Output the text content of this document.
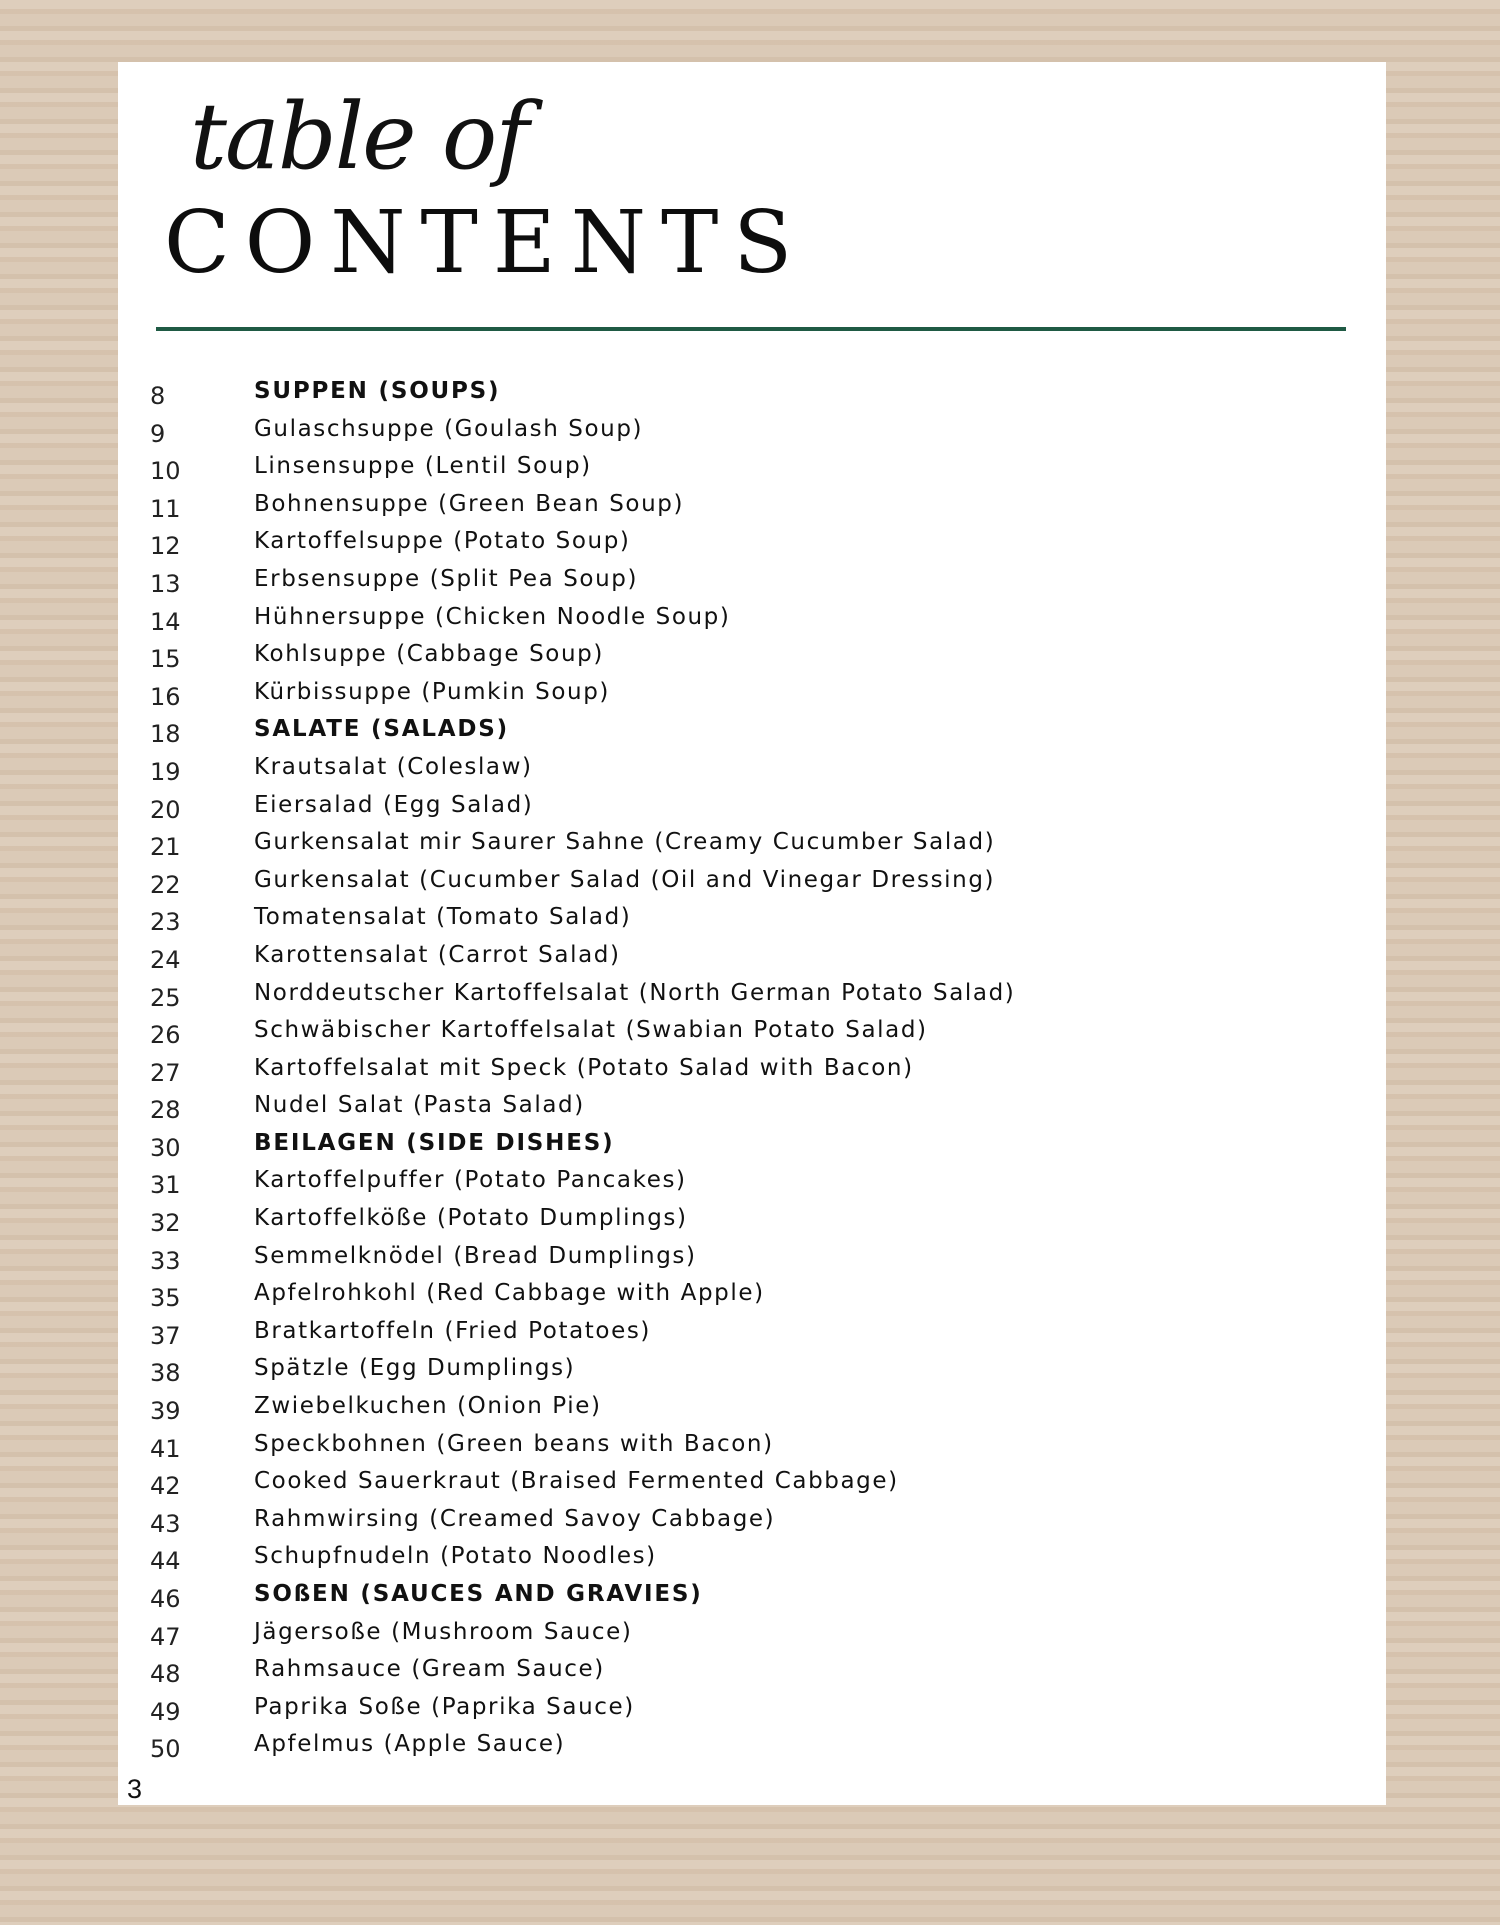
table of
CONTENTS
8	SUPPEN (SOUPS)
9	Gulaschsuppe (Goulash Soup)
10	Linsensuppe (Lentil Soup)
11	Bohnensuppe (Green Bean Soup)
12	Kartoffelsuppe (Potato Soup)
13	Erbsensuppe (Split Pea Soup)
14	Hühnersuppe (Chicken Noodle Soup)
15	Kohlsuppe (Cabbage Soup)
16	Kürbissuppe (Pumkin Soup)
18	SALATE (SALADS)
19	Krautsalat (Coleslaw)
20	Eiersalad (Egg Salad)
21	Gurkensalat mir Saurer Sahne (Creamy Cucumber Salad)
22	Gurkensalat (Cucumber Salad (Oil and Vinegar Dressing)
23	Tomatensalat (Tomato Salad)
24	Karottensalat (Carrot Salad)
25	Norddeutscher Kartoffelsalat (North German Potato Salad)
26	Schwäbischer Kartoffelsalat (Swabian Potato Salad)
27	Kartoffelsalat mit Speck (Potato Salad with Bacon)
28	Nudel Salat (Pasta Salad)
30	BEILAGEN (SIDE DISHES)
31	Kartoffelpuffer (Potato Pancakes)
32	Kartoffelköße (Potato Dumplings)
33	Semmelknödel (Bread Dumplings)
35	Apfelrohkohl (Red Cabbage with Apple)
37	Bratkartoffeln (Fried Potatoes)
38	Spätzle (Egg Dumplings)
39	Zwiebelkuchen (Onion Pie)
41	Speckbohnen (Green beans with Bacon)
42	Cooked Sauerkraut (Braised Fermented Cabbage)
43	Rahmwirsing (Creamed Savoy Cabbage)
44	Schupfnudeln (Potato Noodles)
46	SOßEN (SAUCES AND GRAVIES)
47	Jägersoße (Mushroom Sauce)
48	Rahmsauce (Gream Sauce)
49	Paprika Soße (Paprika Sauce)
50	Apfelmus (Apple Sauce)
3
